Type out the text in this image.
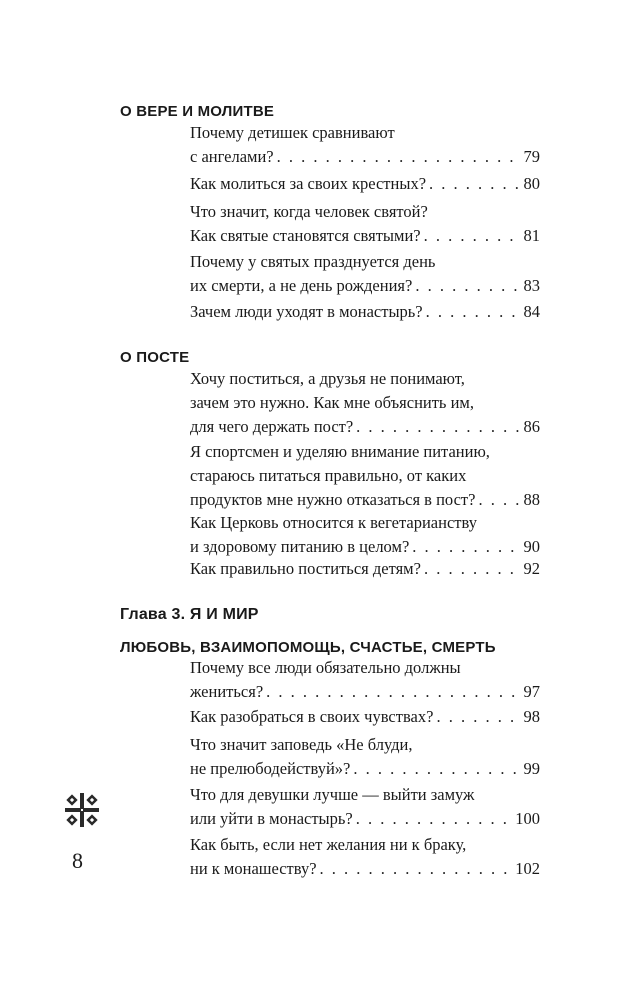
О ВЕРЕ И МОЛИТВЕ
Почему детишек сравнивают
с ангелами? . . .	79
Как молиться за своих крестных? . . .	80
Что значит, когда человек святой?
Как святые становятся святыми? . . .	81
Почему у святых празднуется день
их смерти, а не день рождения? . . .	83
Зачем люди уходят в монастырь? . . .	84
О ПОСТЕ
Хочу поститься, а друзья не понимают,
зачем это нужно. Как мне объяснить им,
для чего держать пост? . . .	86
Я спортсмен и уделяю внимание питанию,
стараюсь питаться правильно, от каких
продуктов мне нужно отказаться в пост? . . .	88
Как Церковь относится к вегетарианству
и здоровому питанию в целом? . . .	90
Как правильно поститься детям? . . .	92
Глава 3. Я И МИР
ЛЮБОВЬ, ВЗАИМОПОМОЩЬ, СЧАСТЬЕ, СМЕРТЬ
Почему все люди обязательно должны
жениться? . . .	97
Как разобраться в своих чувствах? . . .	98
Что значит заповедь «Не блуди,
не прелюбодействуй»? . . .	99
Что для девушки лучше — выйти замуж
или уйти в монастырь? . . .	100
Как быть, если нет желания ни к браку,
ни к монашеству? . . .	102
8
